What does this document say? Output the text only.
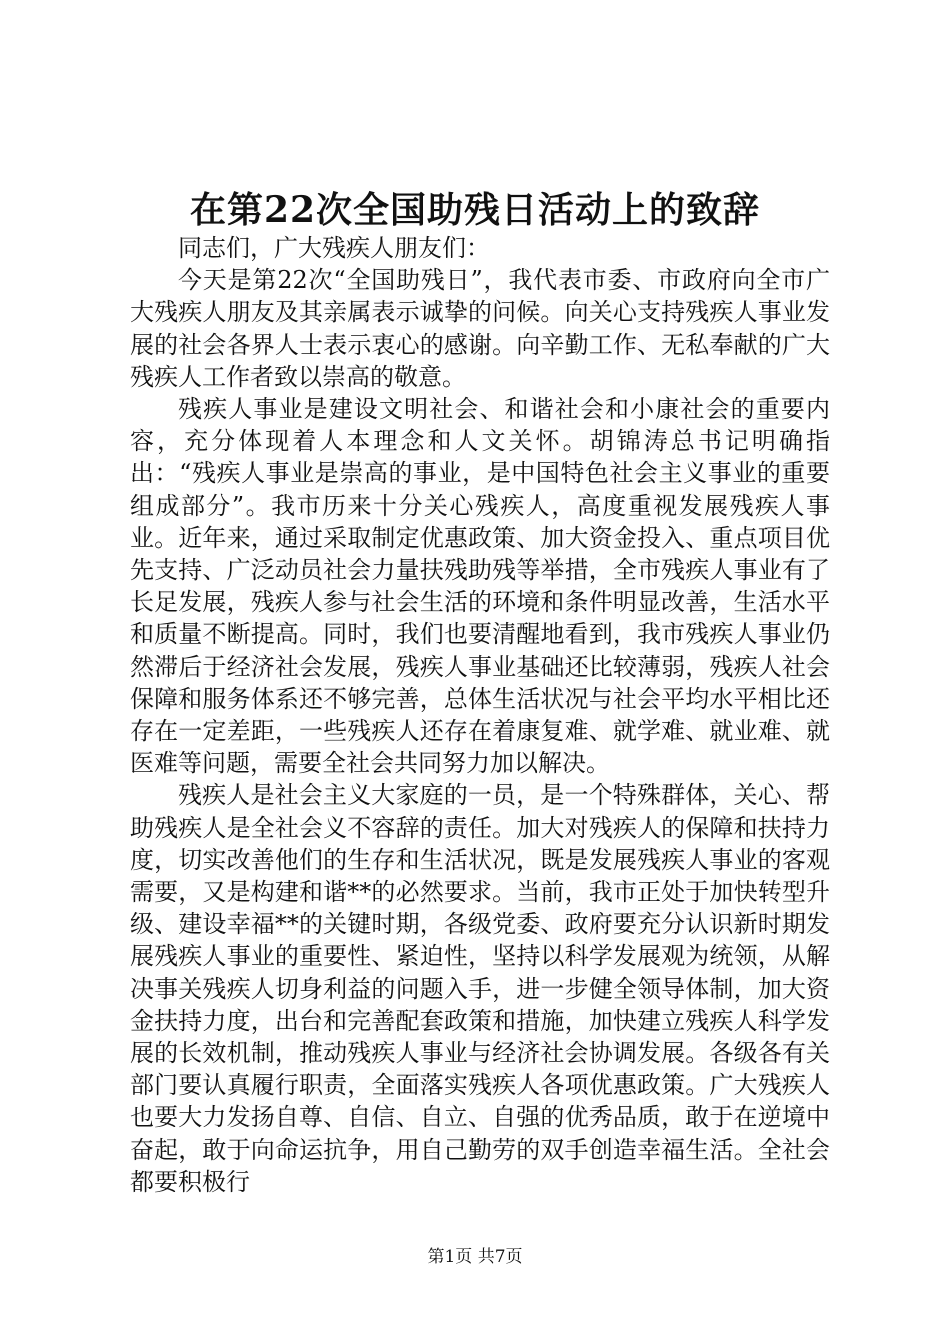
在第22次全国助残日活动上的致辞

同志们，广大残疾人朋友们：

今天是第22次“全国助残日”，我代表市委、市政府向全市广大残疾人朋友及其亲属表示诚挚的问候。向关心支持残疾人事业发展的社会各界人士表示衷心的感谢。向辛勤工作、无私奉献的广大残疾人工作者致以崇高的敬意。

残疾人事业是建设文明社会、和谐社会和小康社会的重要内容，充分体现着人本理念和人文关怀。胡锦涛总书记明确指出：“残疾人事业是崇高的事业，是中国特色社会主义事业的重要组成部分”。我市历来十分关心残疾人，高度重视发展残疾人事业。近年来，通过采取制定优惠政策、加大资金投入、重点项目优先支持、广泛动员社会力量扶残助残等举措，全市残疾人事业有了长足发展，残疾人参与社会生活的环境和条件明显改善，生活水平和质量不断提高。同时，我们也要清醒地看到，我市残疾人事业仍然滞后于经济社会发展，残疾人事业基础还比较薄弱，残疾人社会保障和服务体系还不够完善，总体生活状况与社会平均水平相比还存在一定差距，一些残疾人还存在着康复难、就学难、就业难、就医难等问题，需要全社会共同努力加以解决。

残疾人是社会主义大家庭的一员，是一个特殊群体，关心、帮助残疾人是全社会义不容辞的责任。加大对残疾人的保障和扶持力度，切实改善他们的生存和生活状况，既是发展残疾人事业的客观需要，又是构建和谐**的必然要求。当前，我市正处于加快转型升级、建设幸福**的关键时期，各级党委、政府要充分认识新时期发展残疾人事业的重要性、紧迫性，坚持以科学发展观为统领，从解决事关残疾人切身利益的问题入手，进一步健全领导体制，加大资金扶持力度，出台和完善配套政策和措施，加快建立残疾人科学发展的长效机制，推动残疾人事业与经济社会协调发展。各级各有关部门要认真履行职责，全面落实残疾人各项优惠政策。广大残疾人也要大力发扬自尊、自信、自立、自强的优秀品质，敢于在逆境中奋起，敢于向命运抗争，用自己勤劳的双手创造幸福生活。全社会都要积极行

第1页 共7页
